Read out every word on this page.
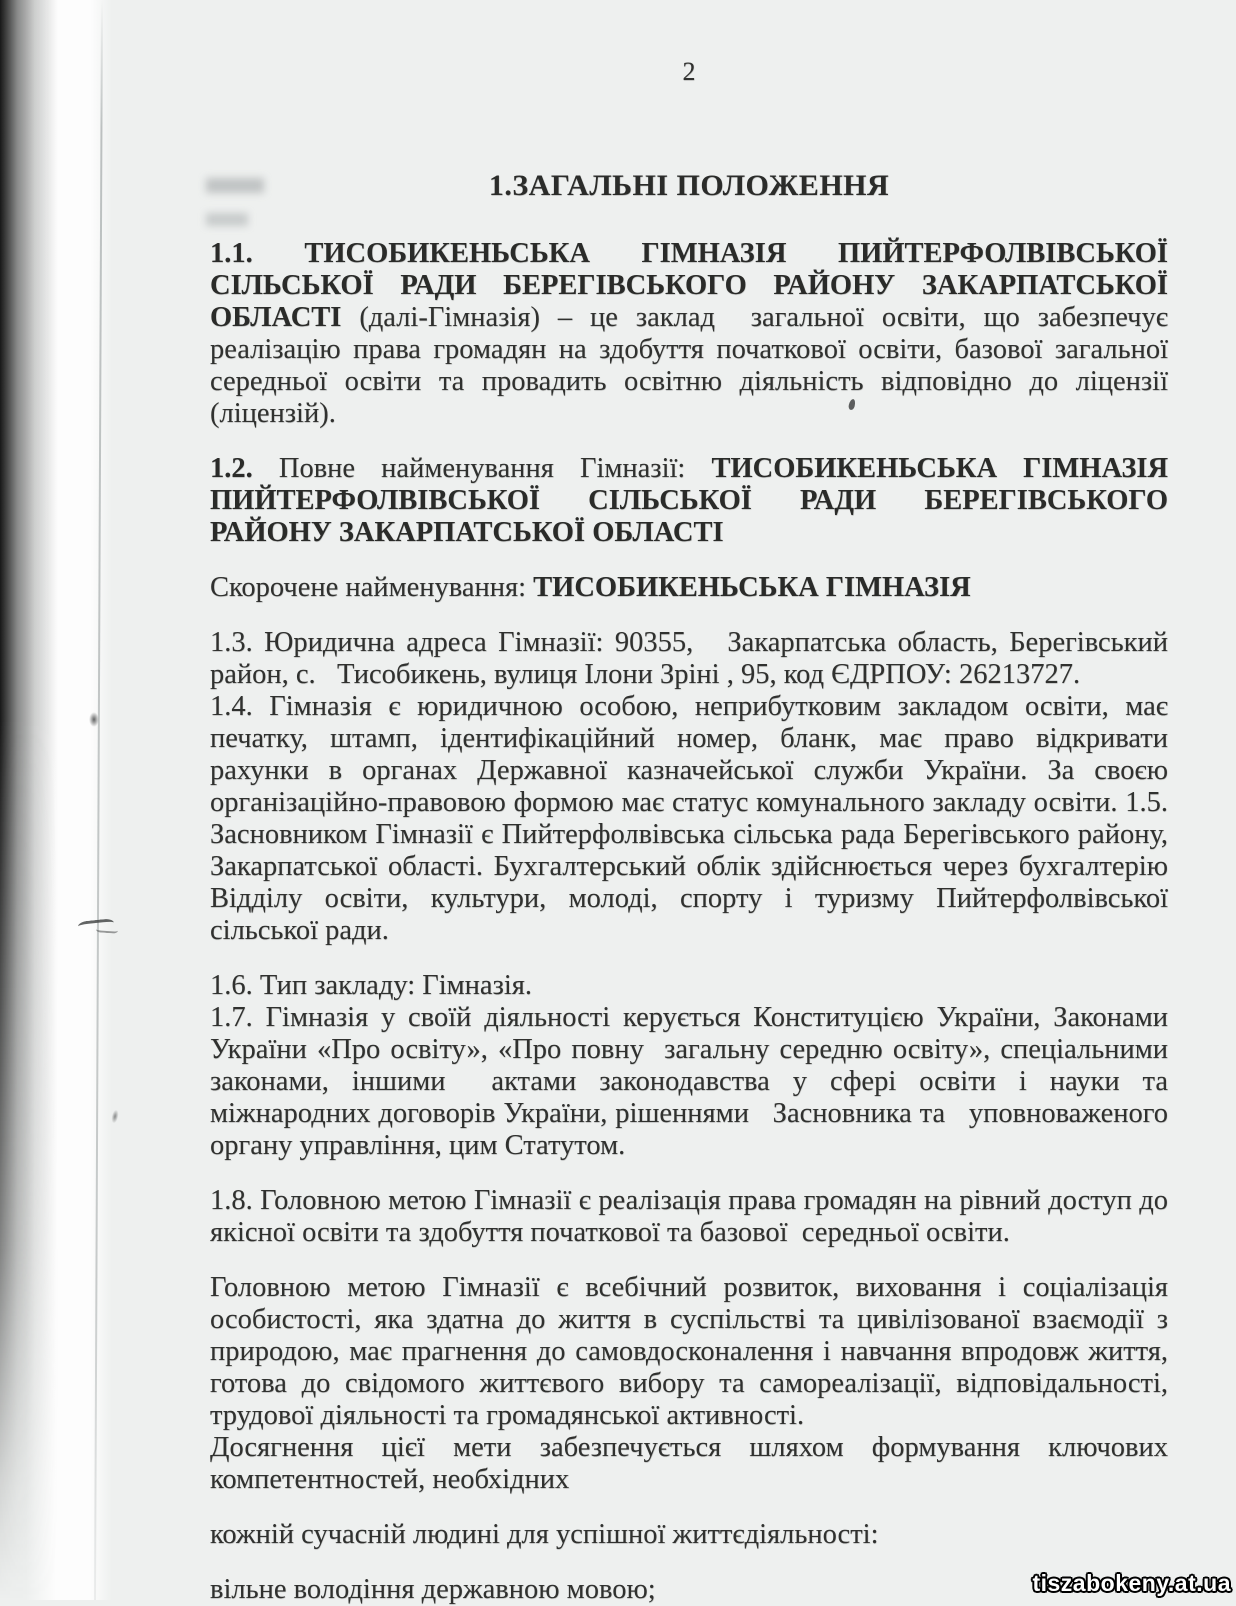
2
1.ЗАГАЛЬНІ ПОЛОЖЕННЯ

1.1. ТИСОБИКЕНЬСЬКА ГІМНАЗІЯ ПИЙТЕРФОЛВІВСЬКОЇ СІЛЬСЬКОЇ РАДИ БЕРЕГІВСЬКОГО РАЙОНУ ЗАКАРПАТСЬКОЇ ОБЛАСТІ (далі-Гімназія) – це заклад  загальної освіти, що забезпечує реалізацію права громадян на здобуття початкової освіти, базової загальної середньої освіти та провадить освітню діяльність відповідно до ліцензії (ліцензій).

1.2. Повне найменування Гімназії: ТИСОБИКЕНЬСЬКА ГІМНАЗІЯ ПИЙТЕРФОЛВІВСЬКОЇ СІЛЬСЬКОЇ РАДИ БЕРЕГІВСЬКОГО РАЙОНУ ЗАКАРПАТСЬКОЇ ОБЛАСТІ

Скорочене найменування: ТИСОБИКЕНЬСЬКА ГІМНАЗІЯ

1.3. Юридична адреса Гімназії: 90355,   Закарпатська область, Берегівський район, с.   Тисобикень, вулиця Ілони Зріні , 95, код ЄДРПОУ: 26213727.

1.4. Гімназія є юридичною особою, неприбутковим закладом освіти, має печатку, штамп, ідентифікаційний номер, бланк, має право відкривати рахунки в органах Державної казначейської служби України. За своєю організаційно-правовою формою має статус комунального закладу освіти. 1.5. Засновником Гімназії є Пийтерфолвівська сільська рада Берегівського району, Закарпатської області. Бухгалтерський облік здійснюється через бухгалтерію Відділу освіти, культури, молоді, спорту і туризму Пийтерфолвівської сільської ради.

1.6. Тип закладу: Гімназія.

1.7. Гімназія у своїй діяльності керується Конституцією України, Законами України «Про освіту», «Про повну  загальну середню освіту», спеціальними законами, іншими  актами законодавства у сфері освіти і науки та міжнародних договорів України, рішеннями   Засновника та   уповноваженого органу управління, цим Статутом.

1.8. Головною метою Гімназії є реалізація права громадян на рівний доступ до якісної освіти та здобуття початкової та базової  середньої освіти.

Головною метою Гімназії є всебічний розвиток, виховання і соціалізація особистості, яка здатна до життя в суспільстві та цивілізованої взаємодії з природою, має прагнення до самовдосконалення і навчання впродовж життя, готова до свідомого життєвого вибору та самореалізації, відповідальності, трудової діяльності та громадянської активності.

Досягнення цієї мети забезпечується шляхом формування ключових компетентностей, необхідних

кожній сучасній людині для успішної життєдіяльності:

вільне володіння державною мовою;	tiszabokeny.at.ua
